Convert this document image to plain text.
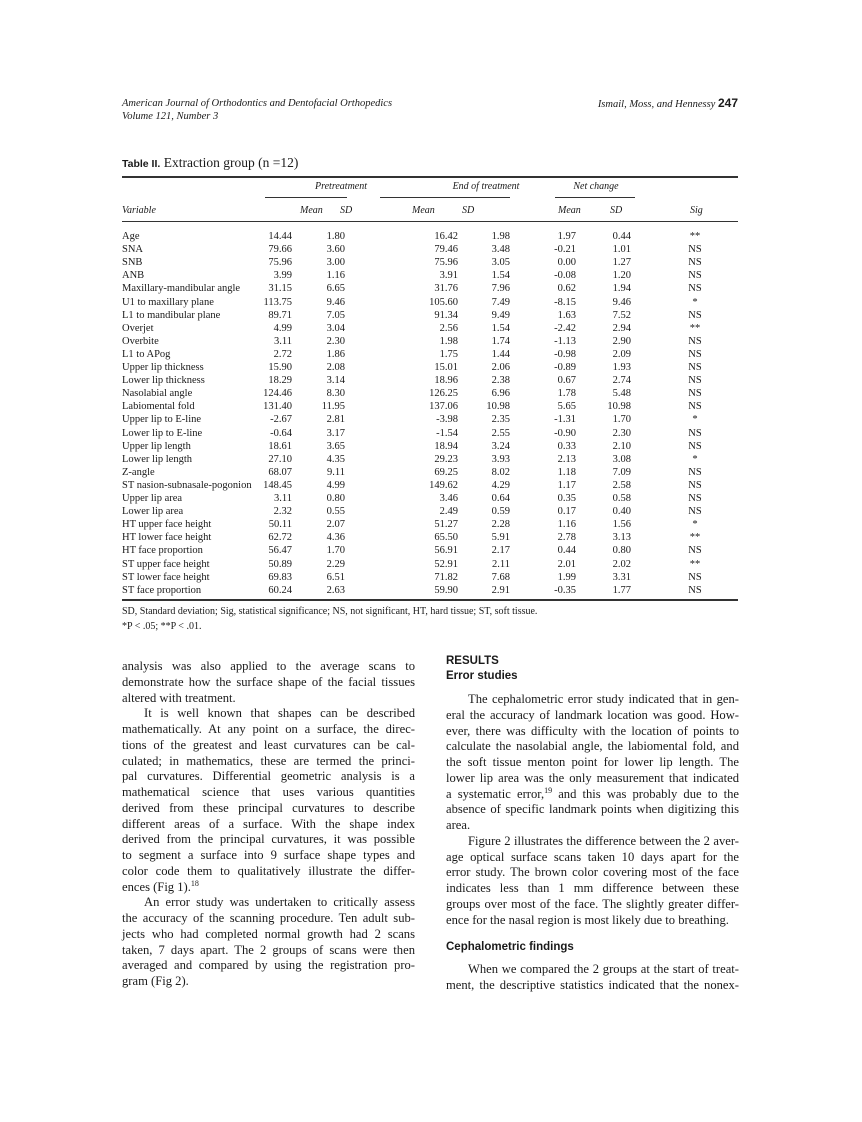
American Journal of Orthodontics and Dentofacial Orthopedics
Volume 121, Number 3
Ismail, Moss, and Hennessy 247
Table II. Extraction group (n =12)
Pretreatment	End of treatment	Net change
Variable	Mean SD	Mean	SD	Mean	SD	Sig
Age	14.44	1.80	16.42	1.98	1.97	0.44	**
SNA	79.66	3.60	79.46	3.48	-0.21	1.01	NS
SNB	75.96	3.00	75.96	3.05	0.00	1.27	NS
ANB	3.99	1.16	3.91	1.54	-0.08	1.20	NS
Maxillary-mandibular angle	31.15	6.65	31.76	7.96	0.62	1.94	NS
U1 to maxillary plane	113.75	9.46	105.60	7.49	-8.15	9.46	*
L1 to mandibular plane	89.71	7.05	91.34	9.49	1.63	7.52	NS
Overjet	4.99	3.04	2.56	1.54	-2.42	2.94	**
Overbite	3.11	2.30	1.98	1.74	-1.13	2.90	NS
L1 to APog	2.72	1.86	1.75	1.44	-0.98	2.09	NS
Upper lip thickness	15.90	2.08	15.01	2.06	-0.89	1.93	NS
Lower lip thickness	18.29	3.14	18.96	2.38	0.67	2.74	NS
Nasolabial angle	124.46	8.30	126.25	6.96	1.78	5.48	NS
Labiomental fold	131.40	11.95	137.06	10.98	5.65	10.98	NS
Upper lip to E-line	-2.67	2.81	-3.98	2.35	-1.31	1.70	*
Lower lip to E-line	-0.64	3.17	-1.54	2.55	-0.90	2.30	NS
Upper lip length	18.61	3.65	18.94	3.24	0.33	2.10	NS
Lower lip length	27.10	4.35	29.23	3.93	2.13	3.08	*
Z-angle	68.07	9.11	69.25	8.02	1.18	7.09	NS
ST nasion-subnasale-pogonion 148.45	4.99	149.62	4.29	1.17	2.58	NS
Upper lip area	3.11	0.80	3.46	0.64	0.35	0.58	NS
Lower lip area	2.32	0.55	2.49	0.59	0.17	0.40	NS
HT upper face height	50.11	2.07	51.27	2.28	1.16	1.56	*
HT lower face height	62.72	4.36	65.50	5.91	2.78	3.13	**
HT face proportion	56.47	1.70	56.91	2.17	0.44	0.80	NS
ST upper face height	50.89	2.29	52.91	2.11	2.01	2.02	**
ST lower face height	69.83	6.51	71.82	7.68	1.99	3.31	NS
ST face proportion	60.24	2.63	59.90	2.91	-0.35	1.77	NS
SD, Standard deviation; Sig, statistical significance; NS, not significant, HT, hard tissue; ST, soft tissue.
*P < .05; **P < .01.
analysis was also applied to the average scans to
demonstrate how the surface shape of the facial tissues
altered with treatment.
It is well known that shapes can be described
mathematically. At any point on a surface, the direc-
tions of the greatest and least curvatures can be cal-
culated; in mathematics, these are termed the princi-
pal curvatures. Differential geometric analysis is a
mathematical science that uses various quantities
derived from these principal curvatures to describe
different areas of a surface. With the shape index
derived from the principal curvatures, it was possible
to segment a surface into 9 surface shape types and
color code them to qualitatively illustrate the differ-
ences (Fig 1).$^{18}$
An error study was undertaken to critically assess
the accuracy of the scanning procedure. Ten adult sub-
jects who had completed normal growth had 2 scans
taken, 7 days apart. The 2 groups of scans were then
averaged and compared by using the registration pro-
gram (Fig 2).
RESULTS
Error studies
The cephalometric error study indicated that in gen-
eral the accuracy of landmark location was good. How-
ever, there was difficulty with the location of points to
calculate the nasolabial angle, the labiomental fold, and
the soft tissue menton point for lower lip length. The
lower lip area was the only measurement that indicated
a systematic error,$^{19}$ and this was probably due to the
absence of specific landmark points when digitizing this
area.
Figure 2 illustrates the difference between the 2 aver-
age optical surface scans taken 10 days apart for the
error study. The brown color covering most of the face
indicates less than 1 mm difference between these
groups over most of the face. The slightly greater differ-
ence for the nasal region is most likely due to breathing.
Cephalometric findings
When we compared the 2 groups at the start of treat-
ment, the descriptive statistics indicated that the nonex-
